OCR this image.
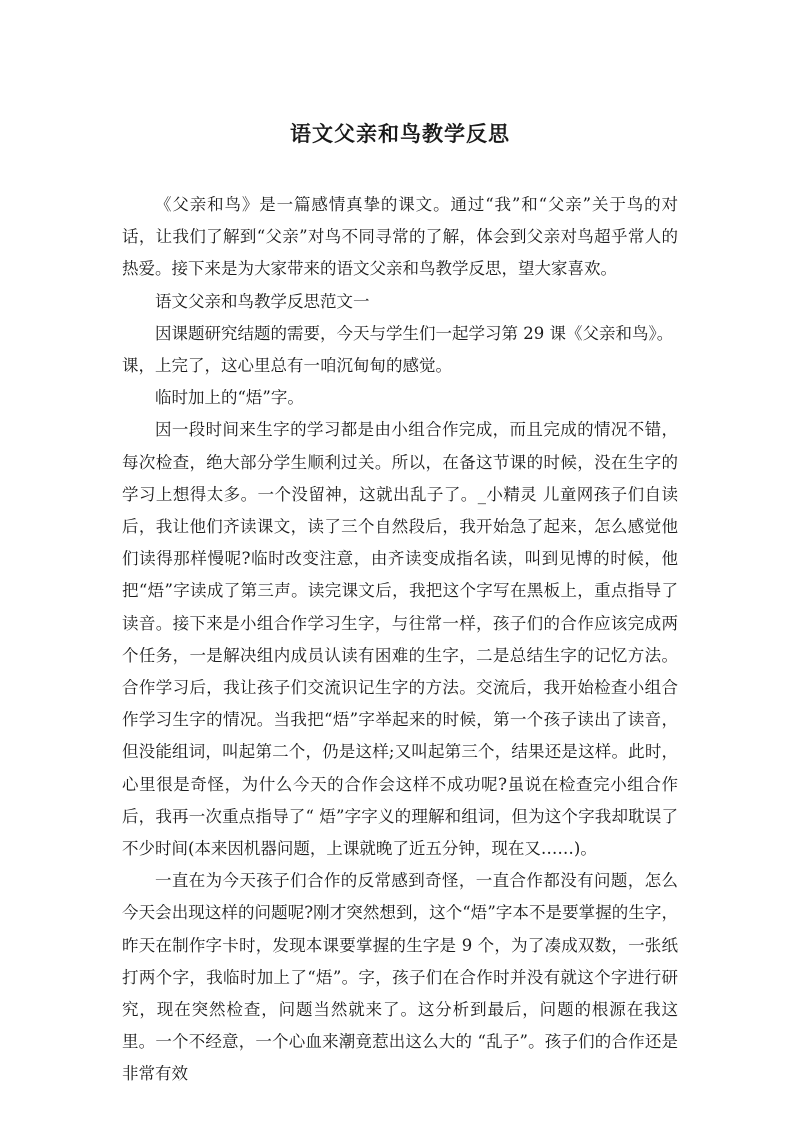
语文父亲和鸟教学反思

《父亲和鸟》是一篇感情真挚的课文。通过“我”和“父亲”关于鸟的对话，让我们了解到“父亲”对鸟不同寻常的了解，体会到父亲对鸟超乎常人的热爱。接下来是为大家带来的语文父亲和鸟教学反思，望大家喜欢。

语文父亲和鸟教学反思范文一

因课题研究结题的需要，今天与学生们一起学习第 29 课《父亲和鸟》。

课，上完了，这心里总有一咱沉甸甸的感觉。

临时加上的“焐”字。

因一段时间来生字的学习都是由小组合作完成，而且完成的情况不错，每次检查，绝大部分学生顺利过关。所以，在备这节课的时候，没在生字的学习上想得太多。一个没留神，这就出乱子了。_小精灵 儿童网孩子们自读后，我让他们齐读课文，读了三个自然段后，我开始急了起来，怎么感觉他们读得那样慢呢?临时改变注意，由齐读变成指名读，叫到见博的时候，他把“焐”字读成了第三声。读完课文后，我把这个字写在黑板上，重点指导了读音。接下来是小组合作学习生字，与往常一样，孩子们的合作应该完成两个任务，一是解决组内成员认读有困难的生字，二是总结生字的记忆方法。合作学习后，我让孩子们交流识记生字的方法。交流后，我开始检查小组合作学习生字的情况。当我把“焐”字举起来的时候，第一个孩子读出了读音，但没能组词，叫起第二个，仍是这样;又叫起第三个，结果还是这样。此时，心里很是奇怪，为什么今天的合作会这样不成功呢?虽说在检查完小组合作后，我再一次重点指导了“ 焐”字字义的理解和组词，但为这个字我却耽误了不少时间(本来因机器问题，上课就晚了近五分钟，现在又……)。

一直在为今天孩子们合作的反常感到奇怪，一直合作都没有问题，怎么今天会出现这样的问题呢?刚才突然想到，这个“焐”字本不是要掌握的生字，昨天在制作字卡时，发现本课要掌握的生字是 9 个，为了凑成双数，一张纸打两个字，我临时加上了“焐”。字，孩子们在合作时并没有就这个字进行研究，现在突然检查，问题当然就来了。这分析到最后，问题的根源在我这里。一个不经意，一个心血来潮竟惹出这么大的 “乱子”。孩子们的合作还是非常有效
